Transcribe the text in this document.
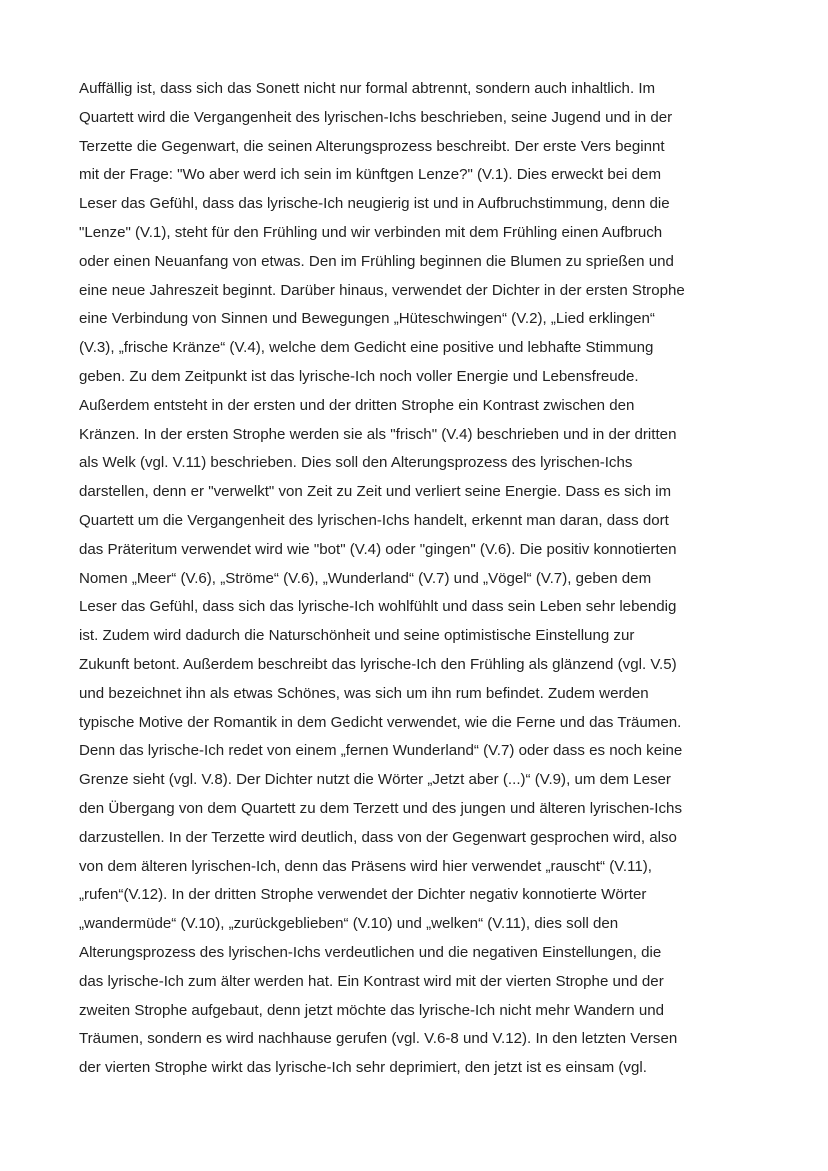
Auffällig ist, dass sich das Sonett nicht nur formal abtrennt, sondern auch inhaltlich. Im
Quartett wird die Vergangenheit des lyrischen-Ichs beschrieben, seine Jugend und in der
Terzette die Gegenwart, die seinen Alterungsprozess beschreibt. Der erste Vers beginnt
mit der Frage: "Wo aber werd ich sein im künftgen Lenze?" (V.1). Dies erweckt bei dem
Leser das Gefühl, dass das lyrische-Ich neugierig ist und in Aufbruchstimmung, denn die
"Lenze" (V.1), steht für den Frühling und wir verbinden mit dem Frühling einen Aufbruch
oder einen Neuanfang von etwas. Den im Frühling beginnen die Blumen zu sprießen und
eine neue Jahreszeit beginnt. Darüber hinaus, verwendet der Dichter in der ersten Strophe
eine Verbindung von Sinnen und Bewegungen „Hüteschwingen“ (V.2), „Lied erklingen“
(V.3), „frische Kränze“ (V.4), welche dem Gedicht eine positive und lebhafte Stimmung
geben. Zu dem Zeitpunkt ist das lyrische-Ich noch voller Energie und Lebensfreude.
Außerdem entsteht in der ersten und der dritten Strophe ein Kontrast zwischen den
Kränzen. In der ersten Strophe werden sie als "frisch" (V.4) beschrieben und in der dritten
als Welk (vgl. V.11) beschrieben. Dies soll den Alterungsprozess des lyrischen-Ichs
darstellen, denn er "verwelkt" von Zeit zu Zeit und verliert seine Energie. Dass es sich im
Quartett um die Vergangenheit des lyrischen-Ichs handelt, erkennt man daran, dass dort
das Präteritum verwendet wird wie "bot" (V.4) oder "gingen" (V.6). Die positiv konnotierten
Nomen „Meer“ (V.6), „Ströme“ (V.6), „Wunderland“ (V.7) und „Vögel“ (V.7), geben dem
Leser das Gefühl, dass sich das lyrische-Ich wohlfühlt und dass sein Leben sehr lebendig
ist. Zudem wird dadurch die Naturschönheit und seine optimistische Einstellung zur
Zukunft betont. Außerdem beschreibt das lyrische-Ich den Frühling als glänzend (vgl. V.5)
und bezeichnet ihn als etwas Schönes, was sich um ihn rum befindet. Zudem werden
typische Motive der Romantik in dem Gedicht verwendet, wie die Ferne und das Träumen.
Denn das lyrische-Ich redet von einem „fernen Wunderland“ (V.7) oder dass es noch keine
Grenze sieht (vgl. V.8). Der Dichter nutzt die Wörter „Jetzt aber (...)“ (V.9), um dem Leser
den Übergang von dem Quartett zu dem Terzett und des jungen und älteren lyrischen-Ichs
darzustellen. In der Terzette wird deutlich, dass von der Gegenwart gesprochen wird, also
von dem älteren lyrischen-Ich, denn das Präsens wird hier verwendet „rauscht“ (V.11),
„rufen“(V.12). In der dritten Strophe verwendet der Dichter negativ konnotierte Wörter
„wandermüde“ (V.10), „zurückgeblieben“ (V.10) und „welken“ (V.11), dies soll den
Alterungsprozess des lyrischen-Ichs verdeutlichen und die negativen Einstellungen, die
das lyrische-Ich zum älter werden hat. Ein Kontrast wird mit der vierten Strophe und der
zweiten Strophe aufgebaut, denn jetzt möchte das lyrische-Ich nicht mehr Wandern und
Träumen, sondern es wird nachhause gerufen (vgl. V.6-8 und V.12). In den letzten Versen
der vierten Strophe wirkt das lyrische-Ich sehr deprimiert, den jetzt ist es einsam (vgl.
